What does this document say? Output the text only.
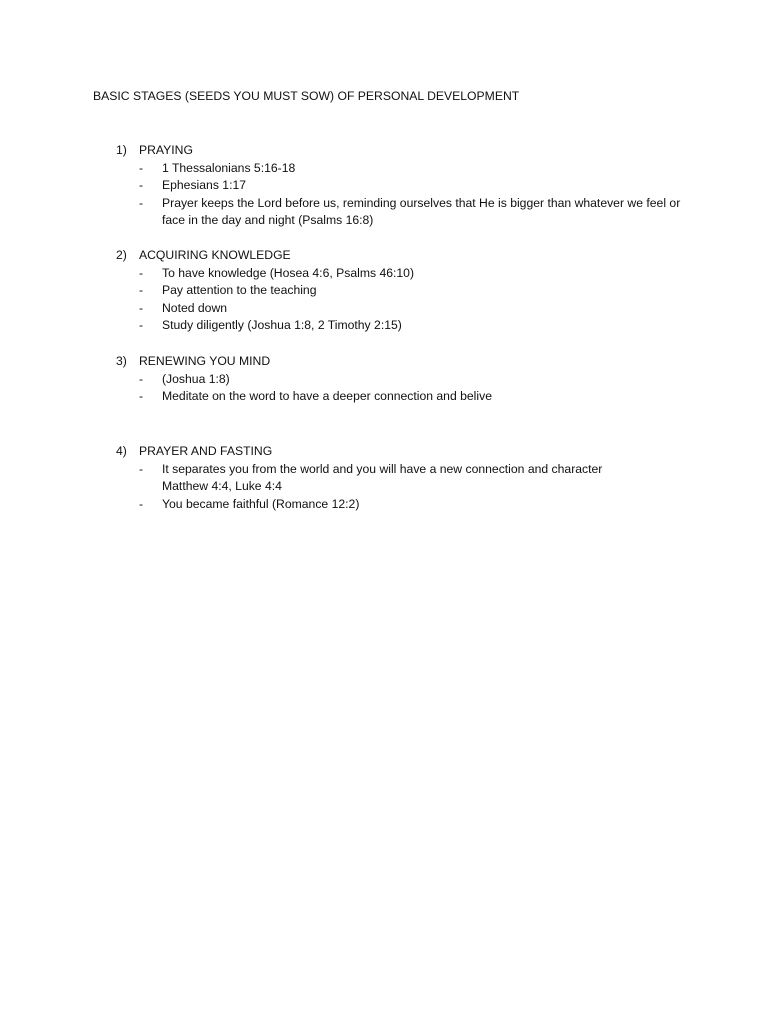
BASIC STAGES (SEEDS YOU MUST SOW) OF PERSONAL DEVELOPMENT
1) PRAYING
- 1 Thessalonians 5:16-18
- Ephesians 1:17
- Prayer keeps the Lord before us, reminding ourselves that He is bigger than whatever we feel or face in the day and night (Psalms 16:8)
2) ACQUIRING KNOWLEDGE
- To have knowledge (Hosea 4:6, Psalms 46:10)
- Pay attention to the teaching
- Noted down
- Study diligently (Joshua 1:8, 2 Timothy 2:15)
3) RENEWING YOU MIND
- (Joshua 1:8)
- Meditate on the word to have a deeper connection and belive
4) PRAYER AND FASTING
- It separates you from the world and you will have a new connection and character Matthew 4:4, Luke 4:4
- You became faithful (Romance 12:2)
